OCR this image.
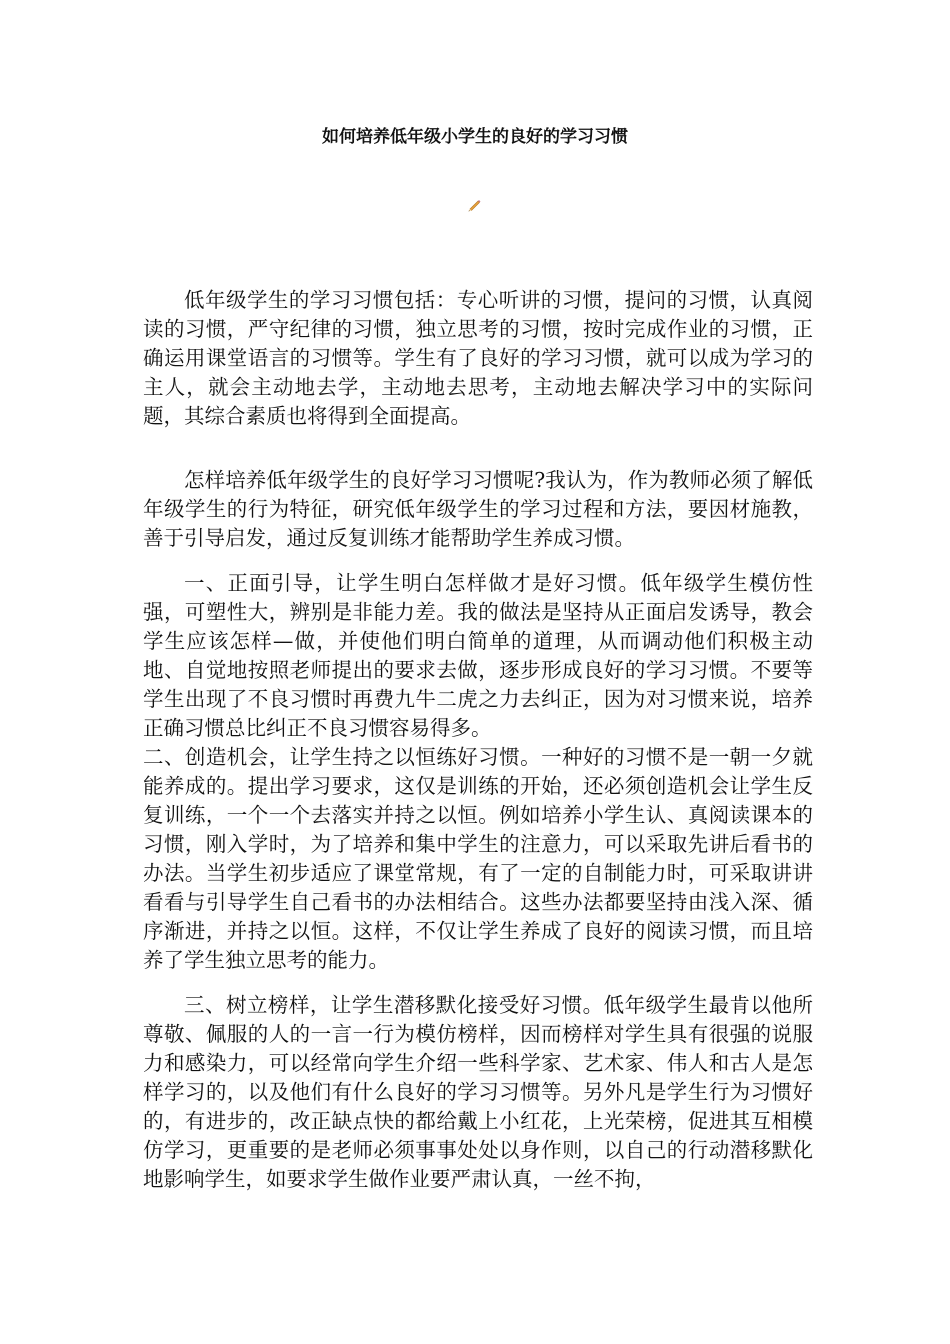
如何培养低年级小学生的良好的学习习惯

低年级学生的学习习惯包括：专心听讲的习惯，提问的习惯，认真阅读的习惯，严守纪律的习惯，独立思考的习惯，按时完成作业的习惯，正确运用课堂语言的习惯等。学生有了良好的学习习惯，就可以成为学习的主人，就会主动地去学，主动地去思考，主动地去解决学习中的实际问题，其综合素质也将得到全面提高。

怎样培养低年级学生的良好学习习惯呢?我认为，作为教师必须了解低年级学生的行为特征，研究低年级学生的学习过程和方法，要因材施教，善于引导启发，通过反复训练才能帮助学生养成习惯。

一、正面引导，让学生明白怎样做才是好习惯。低年级学生模仿性强，可塑性大，辨别是非能力差。我的做法是坚持从正面启发诱导，教会学生应该怎样—做，并使他们明白简单的道理，从而调动他们积极主动地、自觉地按照老师提出的要求去做，逐步形成良好的学习习惯。不要等学生出现了不良习惯时再费九牛二虎之力去纠正，因为对习惯来说，培养正确习惯总比纠正不良习惯容易得多。

二、创造机会，让学生持之以恒练好习惯。一种好的习惯不是一朝一夕就能养成的。提出学习要求，这仅是训练的开始，还必须创造机会让学生反复训练，一个一个去落实并持之以恒。例如培养小学生认、真阅读课本的习惯，刚入学时，为了培养和集中学生的注意力，可以采取先讲后看书的办法。当学生初步适应了课堂常规，有了一定的自制能力时，可采取讲讲看看与引导学生自己看书的办法相结合。这些办法都要坚持由浅入深、循序渐进，并持之以恒。这样，不仅让学生养成了良好的阅读习惯，而且培养了学生独立思考的能力。

三、树立榜样，让学生潜移默化接受好习惯。低年级学生最肯以他所尊敬、佩服的人的一言一行为模仿榜样，因而榜样对学生具有很强的说服力和感染力，可以经常向学生介绍一些科学家、艺术家、伟人和古人是怎样学习的，以及他们有什么良好的学习习惯等。另外凡是学生行为习惯好的，有进步的，改正缺点快的都给戴上小红花，上光荣榜，促进其互相模仿学习，更重要的是老师必须事事处处以身作则，以自己的行动潜移默化地影响学生，如要求学生做作业要严肃认真，一丝不拘，
